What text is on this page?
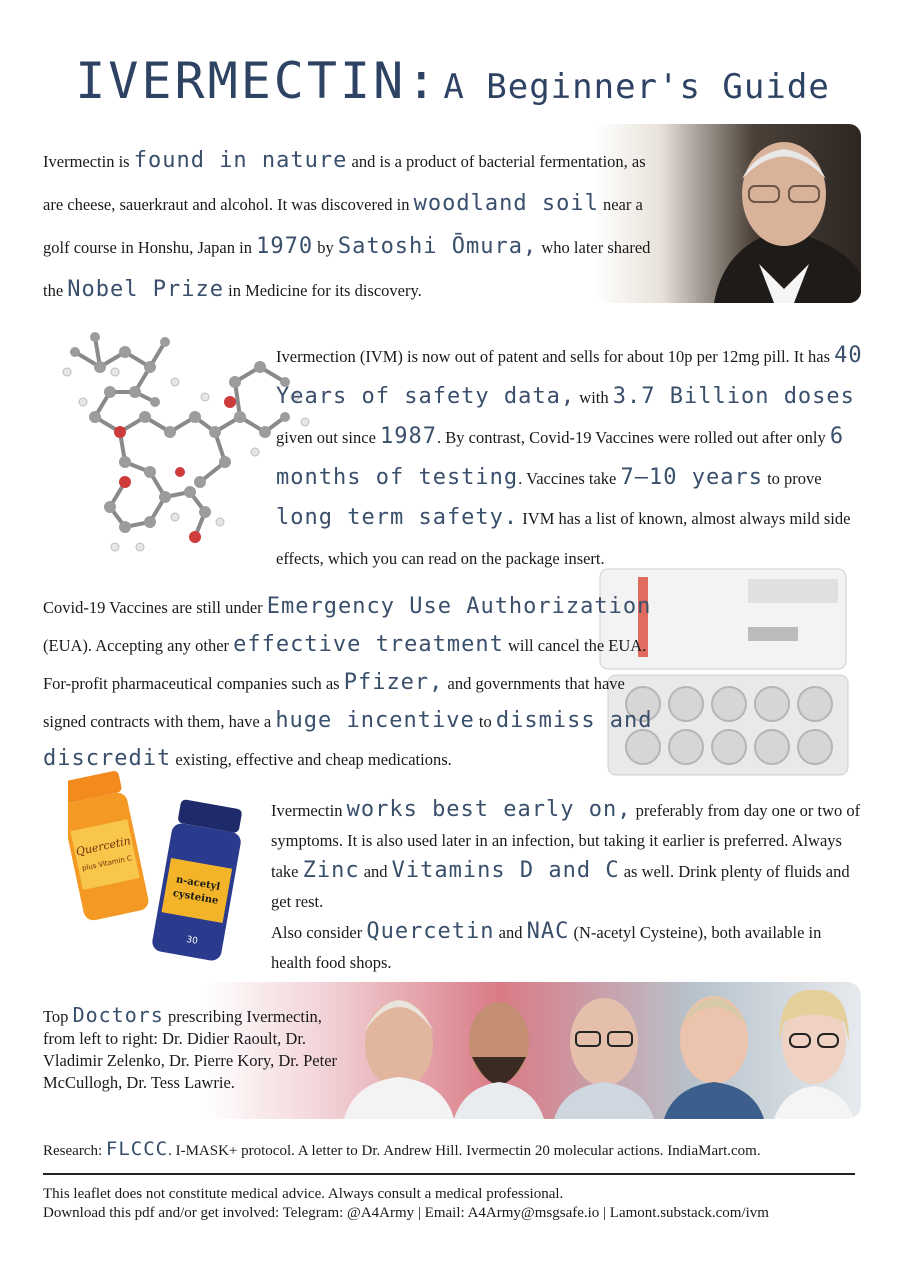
IVERMECTIN: A Beginner's Guide
Ivermectin is found in nature and is a product of bacterial fermentation, as are cheese, sauerkraut and alcohol. It was discovered in woodland soil near a golf course in Honshu, Japan in 1970 by Satoshi Ōmura, who later shared the Nobel Prize in Medicine for its discovery.
Ivermection (IVM) is now out of patent and sells for about 10p per 12mg pill. It has 40 Years of safety data, with 3.7 Billion doses given out since 1987. By contrast, Covid-19 Vaccines were rolled out after only 6 months of testing. Vaccines take 7—10 years to prove long term safety. IVM has a list of known, almost always mild side effects, which you can read on the package insert.
Covid-19 Vaccines are still under Emergency Use Authorization (EUA). Accepting any other effective treatment will cancel the EUA. For-profit pharmaceutical companies such as Pfizer, and governments that have signed contracts with them, have a huge incentive to dismiss and discredit existing, effective and cheap medications.
Quercetin
plus Vitamin C
n-acetyl
cysteine
30
Ivermectin works best early on, preferably from day one or two of symptoms. It is also used later in an infection, but taking it earlier is preferred. Always take Zinc and Vitamins D and C as well. Drink plenty of fluids and get rest.
Also consider Quercetin and NAC (N-acetyl Cysteine), both available in health food shops.
Top Doctors prescribing Ivermectin, from left to right: Dr. Didier Raoult, Dr. Vladimir Zelenko, Dr. Pierre Kory, Dr. Peter McCullogh, Dr. Tess Lawrie.
Research: FLCCC. I-MASK+ protocol. A letter to Dr. Andrew Hill. Ivermectin 20 molecular actions. IndiaMart.com.
This leaflet does not constitute medical advice. Always consult a medical professional.
Download this pdf and/or get involved: Telegram: @A4Army | Email: A4Army@msgsafe.io | Lamont.substack.com/ivm
